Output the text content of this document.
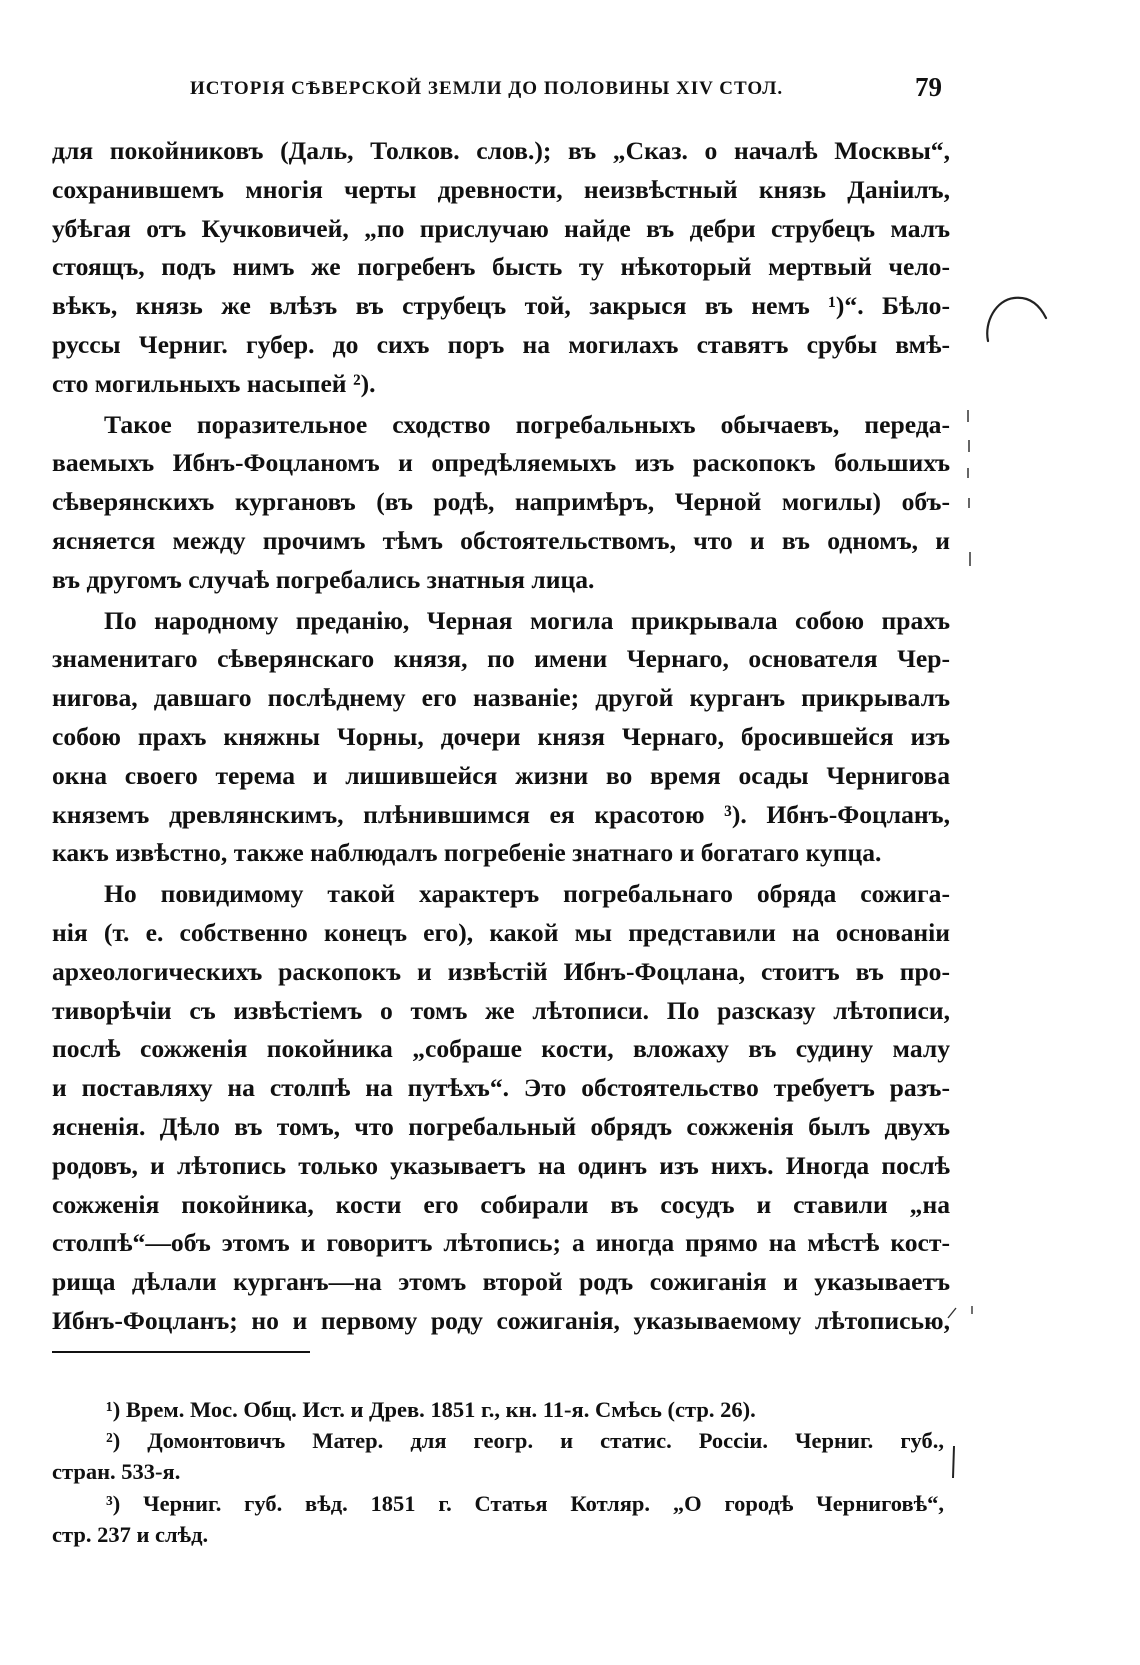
ИСТОРІЯ СѢВЕРСКОЙ ЗЕМЛИ ДО ПОЛОВИНЫ XIV СТОЛ.	79
для покойниковъ (Даль, Толков. слов.); въ „Сказ. о началѣ Москвы“,
сохранившемъ многія черты древности, неизвѣстный князь Даніилъ,
убѣгая отъ Кучковичей, „по прислучаю найде въ дебри струбецъ малъ
стоящъ, подъ нимъ же погребенъ бысть ту нѣкоторый мертвый чело-
вѣкъ, князь же влѣзъ въ струбецъ той, закрыся въ немъ ¹)“. Бѣло-
руссы Черниг. губер. до сихъ поръ на могилахъ ставятъ срубы вмѣ-
сто могильныхъ насыпей ²).
Такое поразительное сходство погребальныхъ обычаевъ, переда-
ваемыхъ Ибнъ-Фоцланомъ и опредѣляемыхъ изъ раскопокъ большихъ
сѣверянскихъ кургановъ (въ родѣ, напримѣръ, Черной могилы) объ-
ясняется между прочимъ тѣмъ обстоятельствомъ, что и въ одномъ, и
въ другомъ случаѣ погребались знатныя лица.
По народному преданію, Черная могила прикрывала собою прахъ
знаменитаго сѣверянскаго князя, по имени Чернаго, основателя Чер-
нигова, давшаго послѣднему его названіе; другой курганъ прикрывалъ
собою прахъ княжны Чорны, дочери князя Чернаго, бросившейся изъ
окна своего терема и лишившейся жизни во время осады Чернигова
княземъ древлянскимъ, плѣнившимся ея красотою ³). Ибнъ-Фоцланъ,
какъ извѣстно, также наблюдалъ погребеніе знатнаго и богатаго купца.
Но повидимому такой характеръ погребальнаго обряда сожига-
нія (т. е. собственно конецъ его), какой мы представили на основаніи
археологическихъ раскопокъ и извѣстій Ибнъ-Фоцлана, стоитъ въ про-
тиворѣчіи съ извѣстіемъ о томъ же лѣтописи. По разсказу лѣтописи,
послѣ сожженія покойника „собраше кости, вложаху въ судину малу
и поставляху на столпѣ на путѣхъ“. Это обстоятельство требуетъ разъ-
ясненія. Дѣло въ томъ, что погребальный обрядъ сожженія былъ двухъ
родовъ, и лѣтопись только указываетъ на одинъ изъ нихъ. Иногда послѣ
сожженія покойника, кости его собирали въ сосудъ и ставили „на
столпѣ“—объ этомъ и говоритъ лѣтопись; а иногда прямо на мѣстѣ кост-
рища дѣлали курганъ—на этомъ второй родъ сожиганія и указываетъ
Ибнъ-Фоцланъ; но и первому роду сожиганія, указываемому лѣтописью,
¹) Врем. Мос. Общ. Ист. и Древ. 1851 г., кн. 11-я. Смѣсь (стр. 26).
²) Домонтовичъ Матер. для геогр. и статис. Россіи. Черниг. губ.,
стран. 533-я.
³) Черниг. губ. вѣд. 1851 г. Статья Котляр. „О городѣ Черниговѣ“,
стр. 237 и слѣд.
